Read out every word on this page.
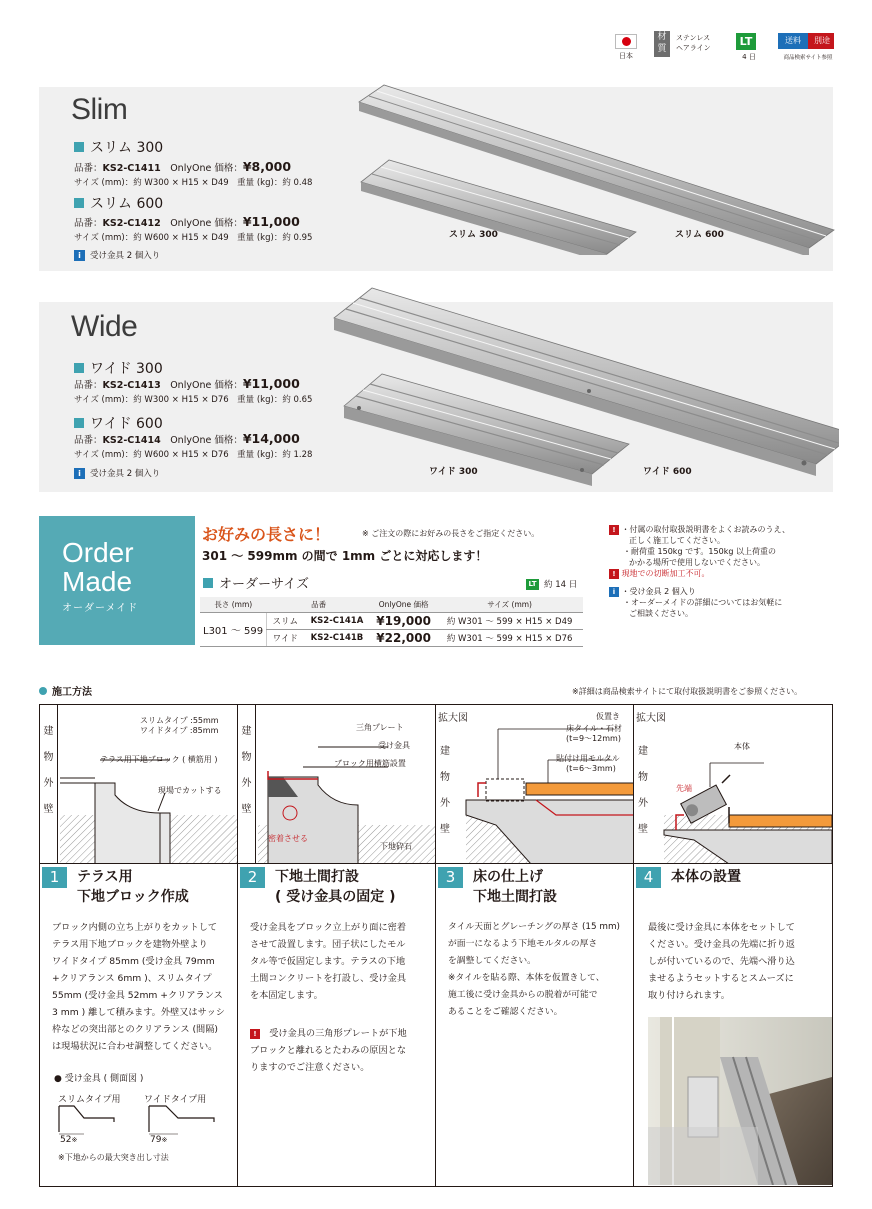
日本
材質
ステンレス
ヘアライン	LT
4 日
送料	別途
商品検索サイト参照
Slim
スリム 300
品番：KS2-C1411　 OnlyOne 価格：¥8,000
サイズ (mm)：約 W300 × H15 × D49　重量 (kg)：約 0.48
スリム 600
品番：KS2-C1412　 OnlyOne 価格：¥11,000
サイズ (mm)：約 W600 × H15 × D49　重量 (kg)：約 0.95
i	受け金具 2 個入り
スリム 300	スリム 600
Wide
ワイド 300
品番：KS2-C1413　 OnlyOne 価格：¥11,000
サイズ (mm)：約 W300 × H15 × D76　重量 (kg)：約 0.65
ワイド 600
品番：KS2-C1414　 OnlyOne 価格：¥14,000
サイズ (mm)：約 W600 × H15 × D76　重量 (kg)：約 1.28
i	受け金具 2 個入り	ワイド 300	ワイド 600
Order
Made
オーダーメイド
お好みの長さに！	※ ご注文の際にお好みの長さをご指定ください。
301 〜 599mm の間で 1mm ごとに対応します！
オーダーサイズ	LT 約 14 日
長さ (mm)	品番		OnlyOne 価格	サイズ (mm)
L301 〜 599	スリム	KS2-C141A	¥19,000	約 W301 〜 599 × H15 × D49
	ワイド	KS2-C141B	¥22,000	約 W301 〜 599 × H15 × D76
! ・付属の取付取扱説明書をよくお読みのうえ、
正しく施工してください。
・耐荷重 150kg です。150kg 以上荷重の
かかる場所で使用しないでください。
! 現地での切断加工不可。
i ・受け金具 2 個入り
・オーダーメイドの詳細についてはお気軽に
ご相談ください。
施工方法	※詳細は商品検索サイトにて取付取扱説明書をご参照ください。
建
物
外
壁
スリムタイプ :55mm
ワイドタイプ :85mm
テラス用下地ブロック ( 横筋用 )
現場でカットする
1	テラス用
下地ブロック作成
ブロック内側の立ち上がりをカットして
テラス用下地ブロックを建物外壁より
ワイドタイプ 85mm (受け金具 79mm
+クリアランス 6mm )、スリムタイプ
55mm (受け金具 52mm +クリアランス
3 mm ) 離して積みます。外壁又はサッシ
枠などの突出部とのクリアランス (間隔)
は現場状況に合わせ調整してください。
● 受け金具 ( 側面図 )
スリムタイプ用	ワイドタイプ用
52※	79※
※下地からの最大突き出し寸法
建
物
外
壁
三角プレート
受け金具
ブロック用横筋設置
密着させる
下地砕石
2	下地土間打設
( 受け金具の固定 )
受け金具をブロック立上がり面に密着
させて設置します。団子状にしたモル
タル等で仮固定します。テラスの下地
土間コンクリートを打設し、受け金具
を本固定します。
!　 受け金具の三角形プレートが下地
ブロックと離れるとたわみの原因とな
りますのでご注意ください。
拡大図
建
物
外
壁
仮置き
床タイル・石材
(t=9〜12mm)
貼付け用モルタル
(t=6〜3mm)
3	床の仕上げ
下地土間打設
タイル天面とグレーチングの厚さ (15 mm)
が面一になるよう下地モルタルの厚さ
を調整してください。
※タイルを貼る際、本体を仮置きして、
施工後に受け金具からの脱着が可能で
あることをご確認ください。
拡大図
建
物
外
壁
本体
先端
4	本体の設置
最後に受け金具に本体をセットして
ください。受け金具の先端に折り返
しが付いているので、先端へ滑り込
ませるようセットするとスムーズに
取り付けられます。
